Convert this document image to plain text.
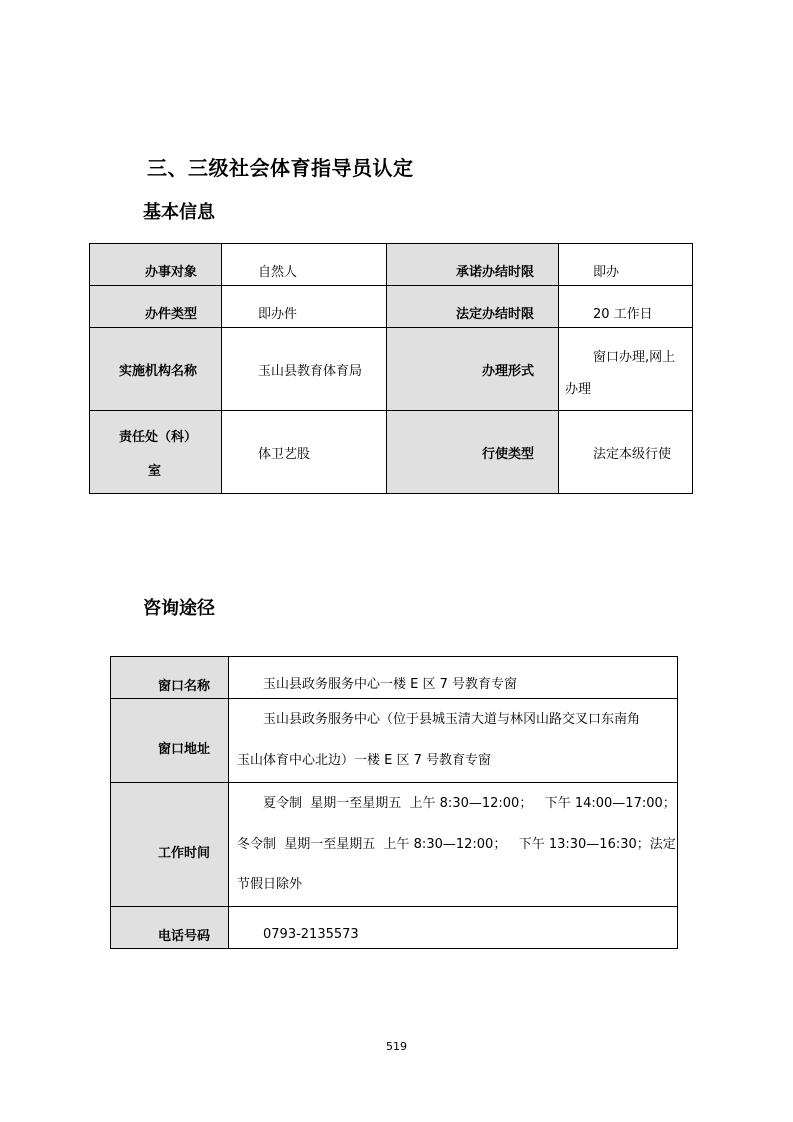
三、三级社会体育指导员认定
基本信息
办事对象	自然人	承诺办结时限	即办
办件类型	即办件	法定办结时限	20 工作日
实施机构名称	玉山县教育体育局	办理形式	窗口办理,网上
办理

责任处（科）
室	体卫艺股	行使类型	法定本级行使
咨询途径
窗口名称	玉山县政务服务中心一楼 E 区 7 号教育专窗

窗口地址	玉山县政务服务中心（位于县城玉清大道与林冈山路交叉口东南角
玉山体育中心北边）一楼 E 区 7 号教育专窗

工作时间	夏令制  星期一至星期五  上午 8:30—12:00；   下午 14:00—17:00；
冬令制  星期一至星期五  上午 8:30—12:00；   下午 13:30—16:30；法定
节假日除外

电话号码	0793-2135573
519
